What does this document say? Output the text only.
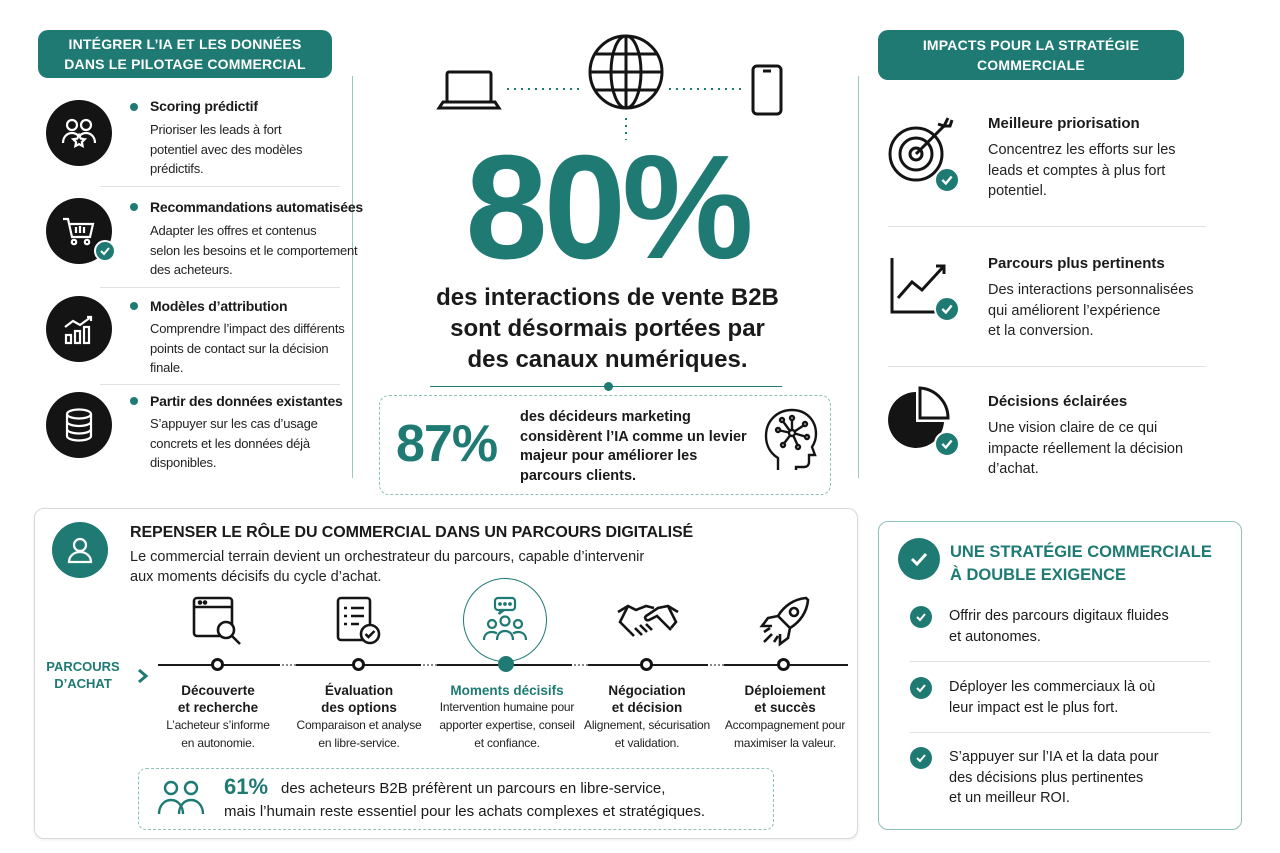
INTÉGRER L’IA ET LES DONNÉES DANS LE PILOTAGE COMMERCIAL
Scoring prédictif
Prioriser les leads à fort
potentiel avec des modèles
prédictifs.
Recommandations automatisées
Adapter les offres et contenus
selon les besoins et le comportement
des acheteurs.
Modèles d’attribution
Comprendre l’impact des différents
points de contact sur la décision
finale.
Partir des données existantes
S’appuyer sur les cas d’usage
concrets et les données déjà
disponibles.
80%
des interactions de vente B2B
sont désormais portées par
des canaux numériques.
87% des décideurs marketing
considèrent l’IA comme un levier
majeur pour améliorer les
parcours clients.
IMPACTS POUR LA STRATÉGIE COMMERCIALE
Meilleure priorisation
Concentrez les efforts sur les
leads et comptes à plus fort
potentiel.
Parcours plus pertinents
Des interactions personnalisées
qui améliorent l’expérience
et la conversion.
Décisions éclairées
Une vision claire de ce qui
impacte réellement la décision
d’achat.
REPENSER LE RÔLE DU COMMERCIAL DANS UN PARCOURS DIGITALISÉ
Le commercial terrain devient un orchestrateur du parcours, capable d’intervenir
aux moments décisifs du cycle d’achat.
PARCOURS
D’ACHAT	Découverte
et recherche
L’acheteur s’informe
en autonomie.
Évaluation
des options
Comparaison et analyse
en libre-service.
Moments décisifs
Intervention humaine pour
apporter expertise, conseil
et confiance.
Négociation
et décision
Alignement, sécurisation
et validation.
Déploiement
et succès
Accompagnement pour
maximiser la valeur.
61% des acheteurs B2B préfèrent un parcours en libre-service,
mais l’humain reste essentiel pour les achats complexes et stratégiques.
UNE STRATÉGIE COMMERCIALE
À DOUBLE EXIGENCE
Offrir des parcours digitaux fluides
et autonomes.
Déployer les commerciaux là où
leur impact est le plus fort.
S’appuyer sur l’IA et la data pour
des décisions plus pertinentes
et un meilleur ROI.
